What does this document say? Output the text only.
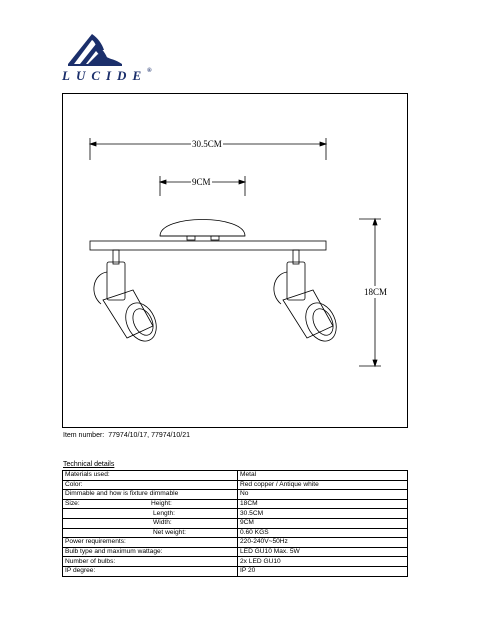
LUCIDE®
30.5CM
9CM
18CM
Item number: 77974/10/17, 77974/10/21
Technical details
Materials used:	Metal
Color:	Red copper / Antique white
Dimmable and how is fixture dimmable	No
Size: Height:	18CM
Length:	30.5CM
Width:	9CM
Net weight:	0.60 KGS
Power requirements:	220-240V~50Hz
Bulb type and maximum wattage:	LED GU10 Max. 5W
Number of bulbs:	2x LED GU10
IP degree:	IP 20
